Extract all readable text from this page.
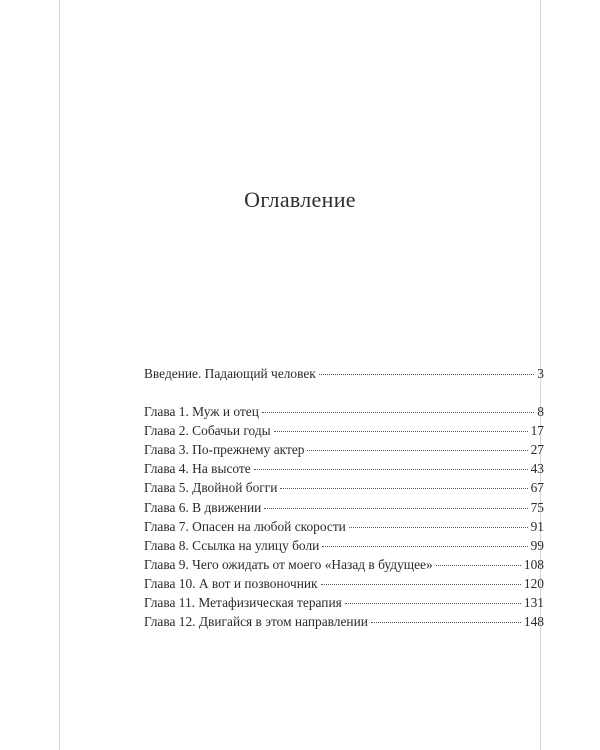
Оглавление
Введение. Падающий человек	3
Глава 1. Муж и отец	8
Глава 2. Собачьи годы	17
Глава 3. По-прежнему актер	27
Глава 4. На высоте	43
Глава 5. Двойной богги	67
Глава 6. В движении	75
Глава 7. Опасен на любой скорости	91
Глава 8. Ссылка на улицу боли	99
Глава 9. Чего ожидать от моего «Назад в будущее»	108
Глава 10. А вот и позвоночник	120
Глава 11. Метафизическая терапия	131
Глава 12. Двигайся в этом направлении	148
